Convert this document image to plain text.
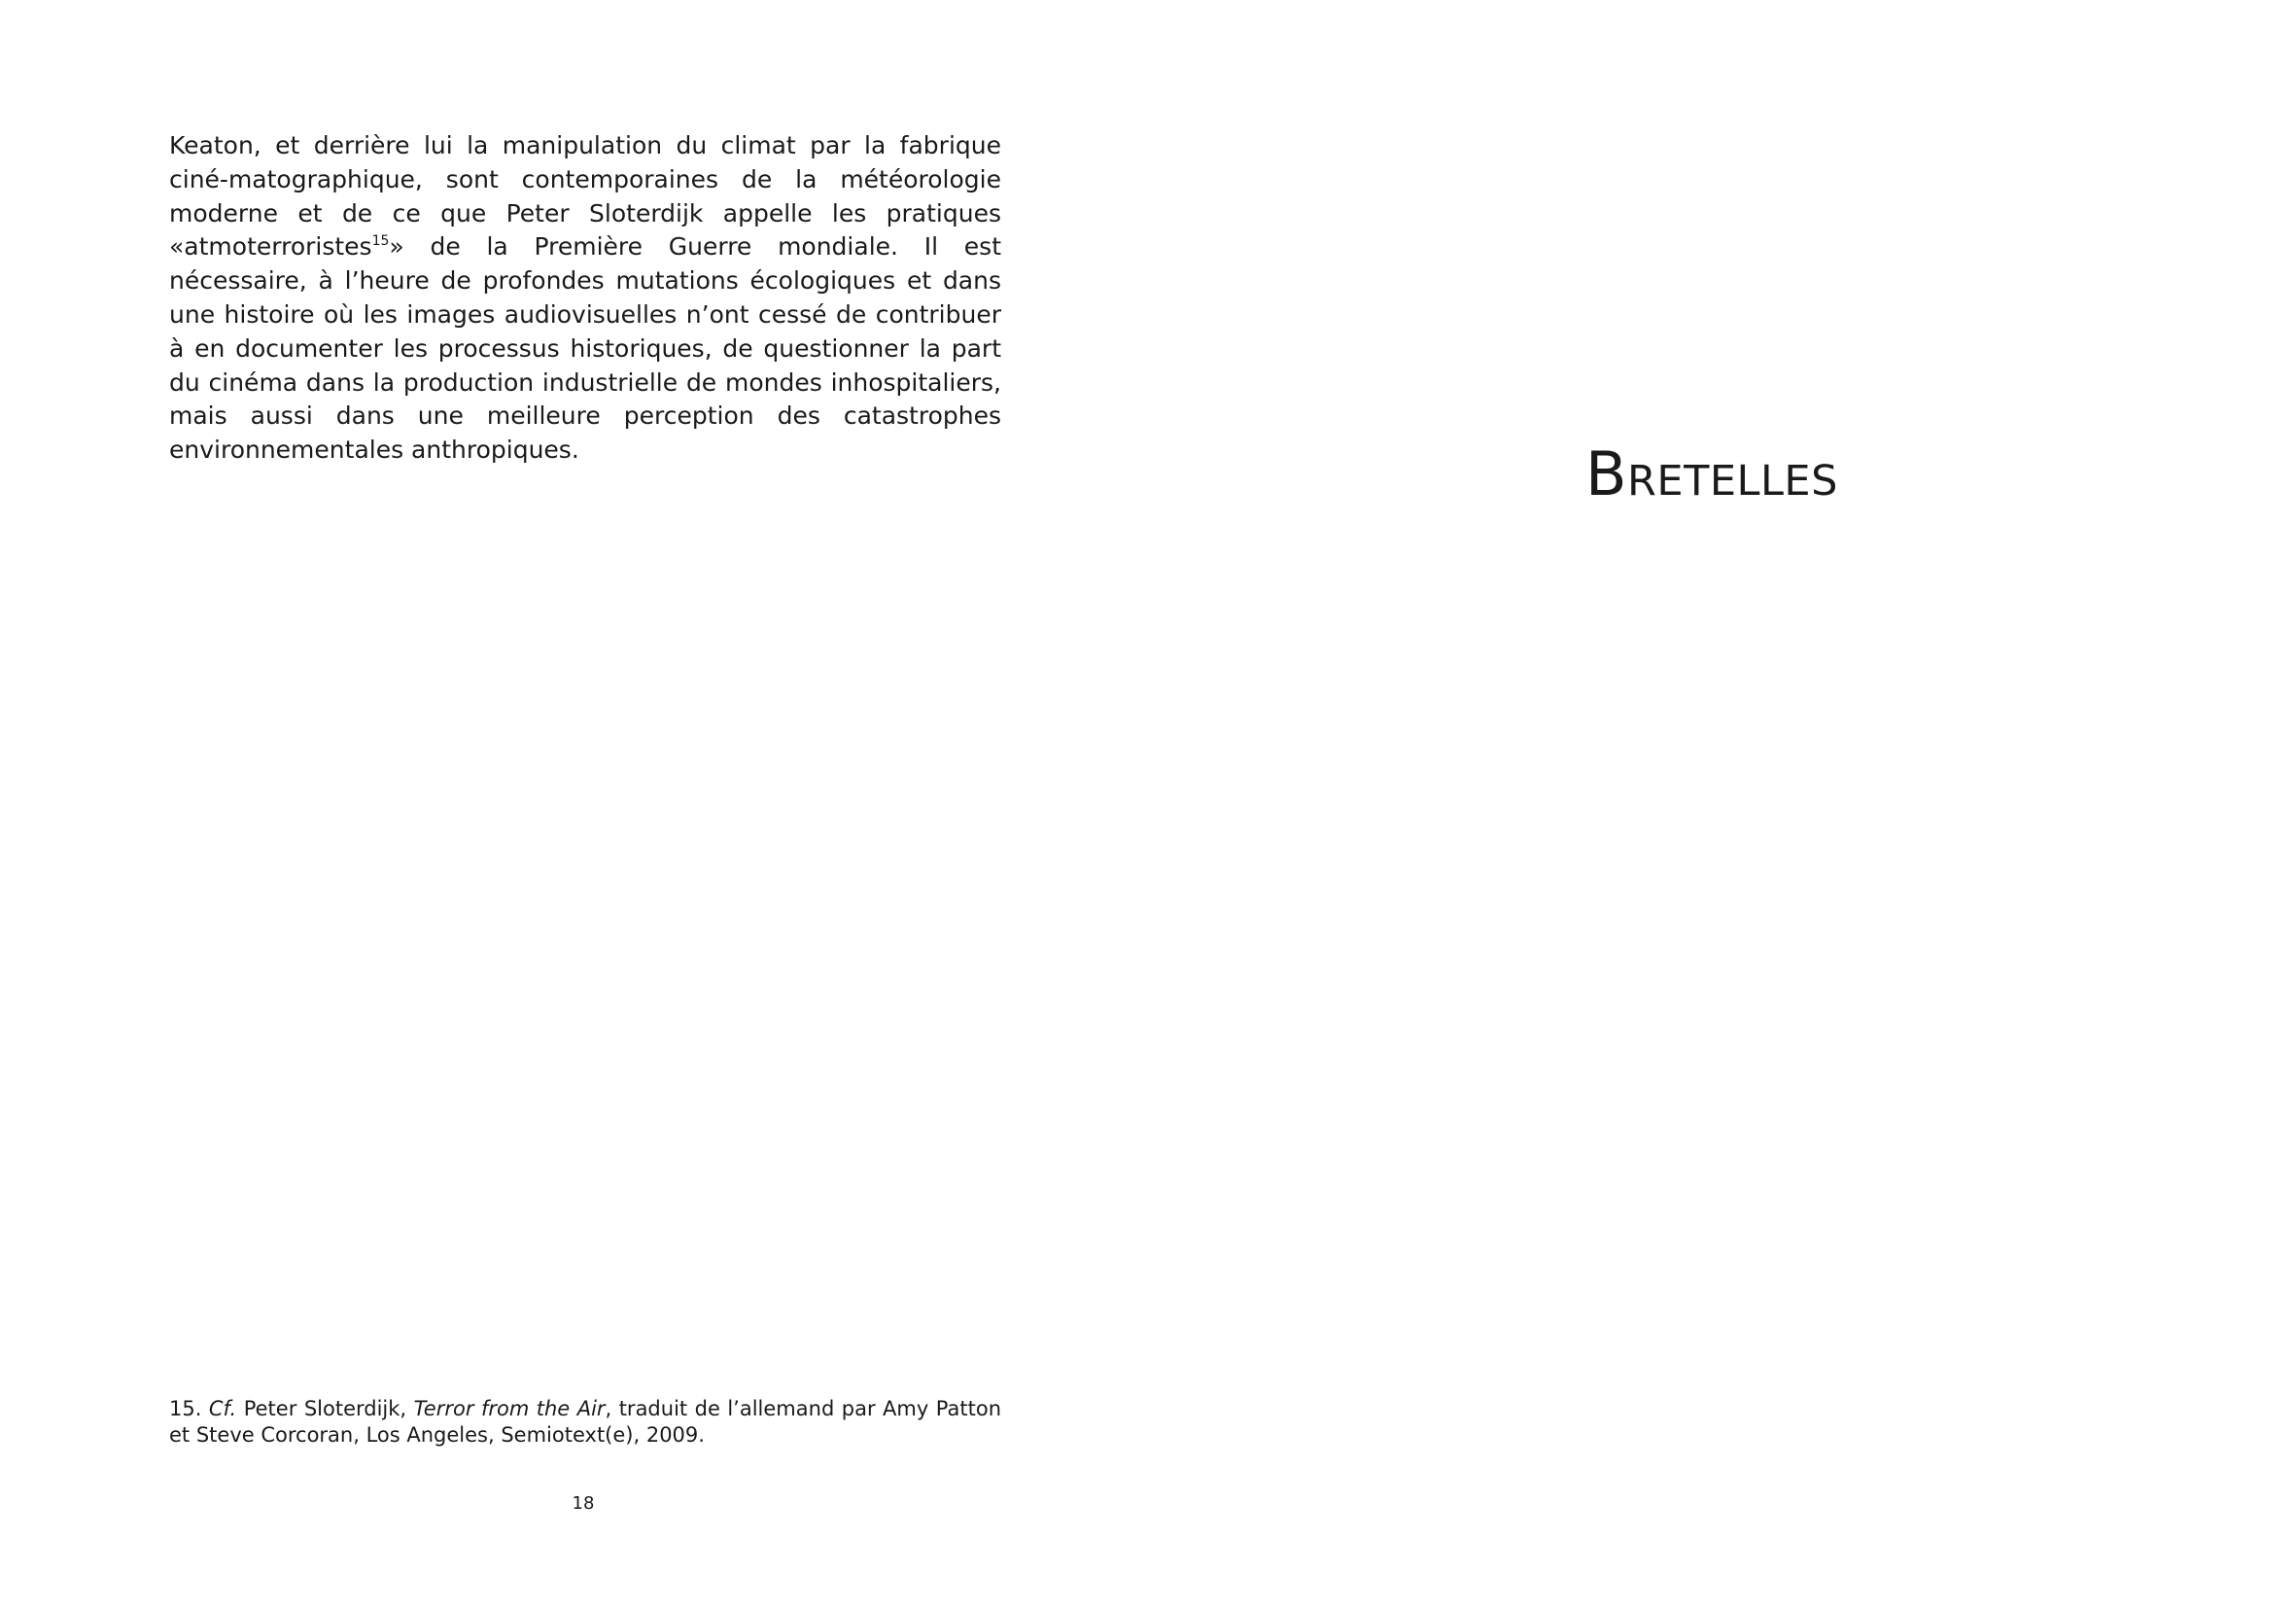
Keaton, et derrière lui la manipulation du climat par la fabrique ciné-matographique, sont contemporaines de la météorologie moderne et de ce que Peter Sloterdijk appelle les pratiques «atmoterroristes$^{15}$» de la Première Guerre mondiale. Il est nécessaire, à l’heure de profondes mutations écologiques et dans une histoire où les images audiovisuelles n’ont cessé de contribuer à en documenter les processus historiques, de questionner la part du cinéma dans la production industrielle de mondes inhospitaliers, mais aussi dans une meilleure perception des catastrophes environnementales anthropiques.

15. Cf. Peter Sloterdijk, Terror from the Air, traduit de l’allemand par Amy Patton et Steve Corcoran, Los Angeles, Semiotext(e), 2009.

18
Bretelles
